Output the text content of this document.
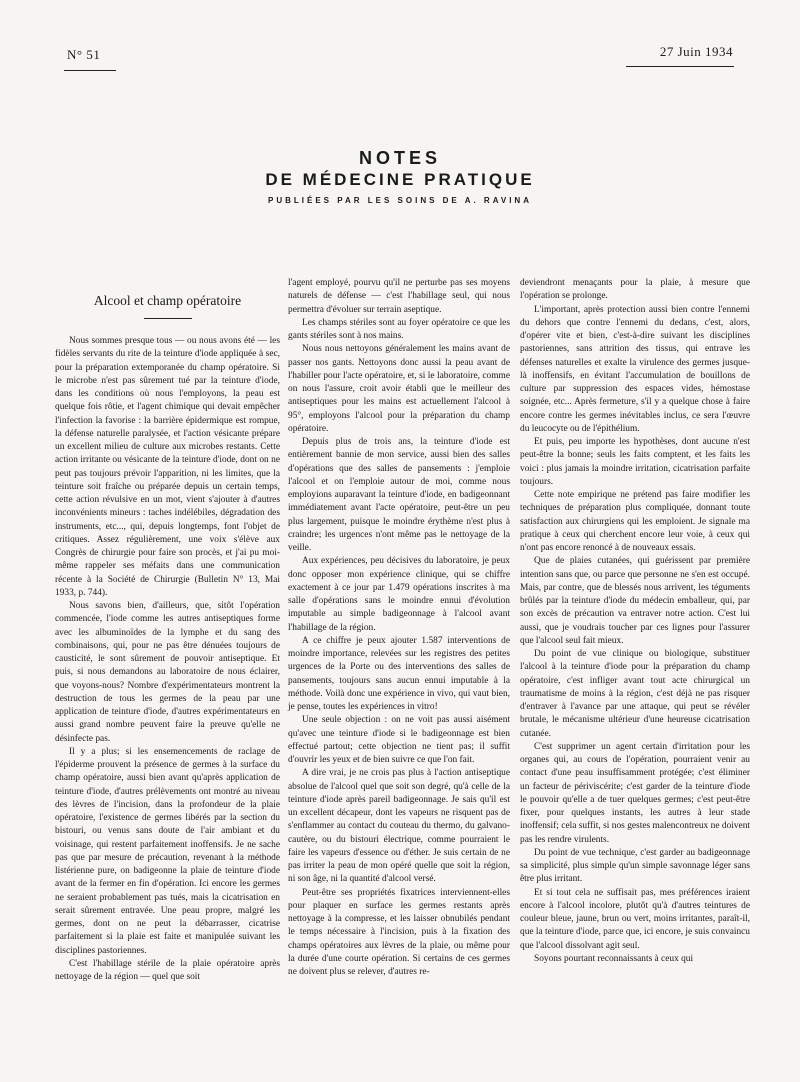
N° 51	27 Juin 1934
NOTES
DE MÉDECINE PRATIQUE
PUBLIÉES PAR LES SOINS DE A. RAVINA
Alcool et champ opératoire

Nous sommes presque tous — ou nous avons été — les fidèles servants du rite de la teinture d'iode appliquée à sec, pour la préparation extemporanée du champ opératoire. Si le microbe n'est pas sûrement tué par la teinture d'iode, dans les conditions où nous l'employons, la peau est quelque fois rôtie, et l'agent chimique qui devait empêcher l'infection la favorise : la barrière épidermique est rompue, la défense naturelle paralysée, et l'action vésicante prépare un excellent milieu de culture aux microbes restants. Cette action irritante ou vésicante de la teinture d'iode, dont on ne peut pas toujours prévoir l'apparition, ni les limites, que la teinture soit fraîche ou préparée depuis un certain temps, cette action révulsive en un mot, vient s'ajouter à d'autres inconvénients mineurs : taches indélébiles, dégradation des instruments, etc..., qui, depuis longtemps, font l'objet de critiques. Assez régulièrement, une voix s'élève aux Congrès de chirurgie pour faire son procès, et j'ai pu moi-même rappeler ses méfaits dans une communication récente à la Société de Chirurgie (Bulletin N° 13, Mai 1933, p. 744).

Nous savons bien, d'ailleurs, que, sitôt l'opération commencée, l'iode comme les autres antiseptiques forme avec les albuminoïdes de la lymphe et du sang des combinaisons, qui, pour ne pas être dénuées toujours de causticité, le sont sûrement de pouvoir antiseptique. Et puis, si nous demandons au laboratoire de nous éclairer, que voyons-nous? Nombre d'expérimentateurs montrent la destruction de tous les germes de la peau par une application de teinture d'iode, d'autres expérimentateurs en aussi grand nombre peuvent faire la preuve qu'elle ne désinfecte pas.

Il y a plus; si les ensemencements de raclage de l'épiderme prouvent la présence de germes à la surface du champ opératoire, aussi bien avant qu'après application de teinture d'iode, d'autres prélèvements ont montré au niveau des lèvres de l'incision, dans la profondeur de la plaie opératoire, l'existence de germes libérés par la section du bistouri, ou venus sans doute de l'air ambiant et du voisinage, qui restent parfaitement inoffensifs. Je ne sache pas que par mesure de précaution, revenant à la méthode listérienne pure, on badigeonne la plaie de teinture d'iode avant de la fermer en fin d'opération. Ici encore les germes ne seraient probablement pas tués, mais la cicatrisation en serait sûrement entravée. Une peau propre, malgré les germes, dont on ne peut la débarrasser, cicatrise parfaitement si la plaie est faite et manipulée suivant les disciplines pastoriennes.

C'est l'habillage stérile de la plaie opératoire après nettoyage de la région — quel que soit

l'agent employé, pourvu qu'il ne perturbe pas ses moyens naturels de défense — c'est l'habillage seul, qui nous permettra d'évoluer sur terrain aseptique.

Les champs stériles sont au foyer opératoire ce que les gants stériles sont à nos mains.

Nous nous nettoyons généralement les mains avant de passer nos gants. Nettoyons donc aussi la peau avant de l'habiller pour l'acte opératoire, et, si le laboratoire, comme on nous l'assure, croit avoir établi que le meilleur des antiseptiques pour les mains est actuellement l'alcool à 95°, employons l'alcool pour la préparation du champ opératoire.

Depuis plus de trois ans, la teinture d'iode est entièrement bannie de mon service, aussi bien des salles d'opérations que des salles de pansements : j'emploie l'alcool et on l'emploie autour de moi, comme nous employions auparavant la teinture d'iode, en badigeonnant immédiatement avant l'acte opératoire, peut-être un peu plus largement, puisque le moindre érythème n'est plus à craindre; les urgences n'ont même pas le nettoyage de la veille.

Aux expériences, peu décisives du laboratoire, je peux donc opposer mon expérience clinique, qui se chiffre exactement à ce jour par 1.479 opérations inscrites à ma salle d'opérations sans le moindre ennui d'évolution imputable au simple badigeonnage à l'alcool avant l'habillage de la région.

A ce chiffre je peux ajouter 1.587 interventions de moindre importance, relevées sur les registres des petites urgences de la Porte ou des interventions des salles de pansements, toujours sans aucun ennui imputable à la méthode. Voilà donc une expérience in vivo, qui vaut bien, je pense, toutes les expériences in vitro!

Une seule objection : on ne voit pas aussi aisément qu'avec une teinture d'iode si le badigeonnage est bien effectué partout; cette objection ne tient pas; il suffit d'ouvrir les yeux et de bien suivre ce que l'on fait.

A dire vrai, je ne crois pas plus à l'action antiseptique absolue de l'alcool quel que soit son degré, qu'à celle de la teinture d'iode après pareil badigeonnage. Je sais qu'il est un excellent décapeur, dont les vapeurs ne risquent pas de s'enflammer au contact du couteau du thermo, du galvano-cautère, ou du bistouri électrique, comme pourraient le faire les vapeurs d'essence ou d'éther. Je suis certain de ne pas irriter la peau de mon opéré quelle que soit la région, ni son âge, ni la quantité d'alcool versé.

Peut-être ses propriétés fixatrices interviennent-elles pour plaquer en surface les germes restants après nettoyage à la compresse, et les laisser obnubilés pendant le temps nécessaire à l'incision, puis à la fixation des champs opératoires aux lèvres de la plaie, ou même pour la durée d'une courte opération. Si certains de ces germes ne doivent plus se relever, d'autres re-

deviendront menaçants pour la plaie, à mesure que l'opération se prolonge.

L'important, après protection aussi bien contre l'ennemi du dehors que contre l'ennemi du dedans, c'est, alors, d'opérer vite et bien, c'est-à-dire suivant les disciplines pastoriennes, sans attrition des tissus, qui entrave les défenses naturelles et exalte la virulence des germes jusque-là inoffensifs, en évitant l'accumulation de bouillons de culture par suppression des espaces vides, hémostase soignée, etc... Après fermeture, s'il y a quelque chose à faire encore contre les germes inévitables inclus, ce sera l'œuvre du leucocyte ou de l'épithélium.

Et puis, peu importe les hypothèses, dont aucune n'est peut-être la bonne; seuls les faits comptent, et les faits les voici : plus jamais la moindre irritation, cicatrisation parfaite toujours.

Cette note empirique ne prétend pas faire modifier les techniques de préparation plus compliquée, donnant toute satisfaction aux chirurgiens qui les emploient. Je signale ma pratique à ceux qui cherchent encore leur voie, à ceux qui n'ont pas encore renoncé à de nouveaux essais.

Que de plaies cutanées, qui guérissent par première intention sans que, ou parce que personne ne s'en est occupé. Mais, par contre, que de blessés nous arrivent, les téguments brûlés par la teinture d'iode du médecin emballeur, qui, par son excès de précaution va entraver notre action. C'est lui aussi, que je voudrais toucher par ces lignes pour l'assurer que l'alcool seul fait mieux.

Du point de vue clinique ou biologique, substituer l'alcool à la teinture d'iode pour la préparation du champ opératoire, c'est infliger avant tout acte chirurgical un traumatisme de moins à la région, c'est déjà ne pas risquer d'entraver à l'avance par une attaque, qui peut se révéler brutale, le mécanisme ultérieur d'une heureuse cicatrisation cutanée.

C'est supprimer un agent certain d'irritation pour les organes qui, au cours de l'opération, pourraient venir au contact d'une peau insuffisamment protégée; c'est éliminer un facteur de périviscérite; c'est garder de la teinture d'iode le pouvoir qu'elle a de tuer quelques germes; c'est peut-être fixer, pour quelques instants, les autres à leur stade inoffensif; cela suffit, si nos gestes malencontreux ne doivent pas les rendre virulents.

Du point de vue technique, c'est garder au badigeonnage sa simplicité, plus simple qu'un simple savonnage léger sans être plus irritant.

Et si tout cela ne suffisait pas, mes préférences iraient encore à l'alcool incolore, plutôt qu'à d'autres teintures de couleur bleue, jaune, brun ou vert, moins irritantes, paraît-il, que la teinture d'iode, parce que, ici encore, je suis convaincu que l'alcool dissolvant agit seul.

Soyons pourtant reconnaissants à ceux qui
